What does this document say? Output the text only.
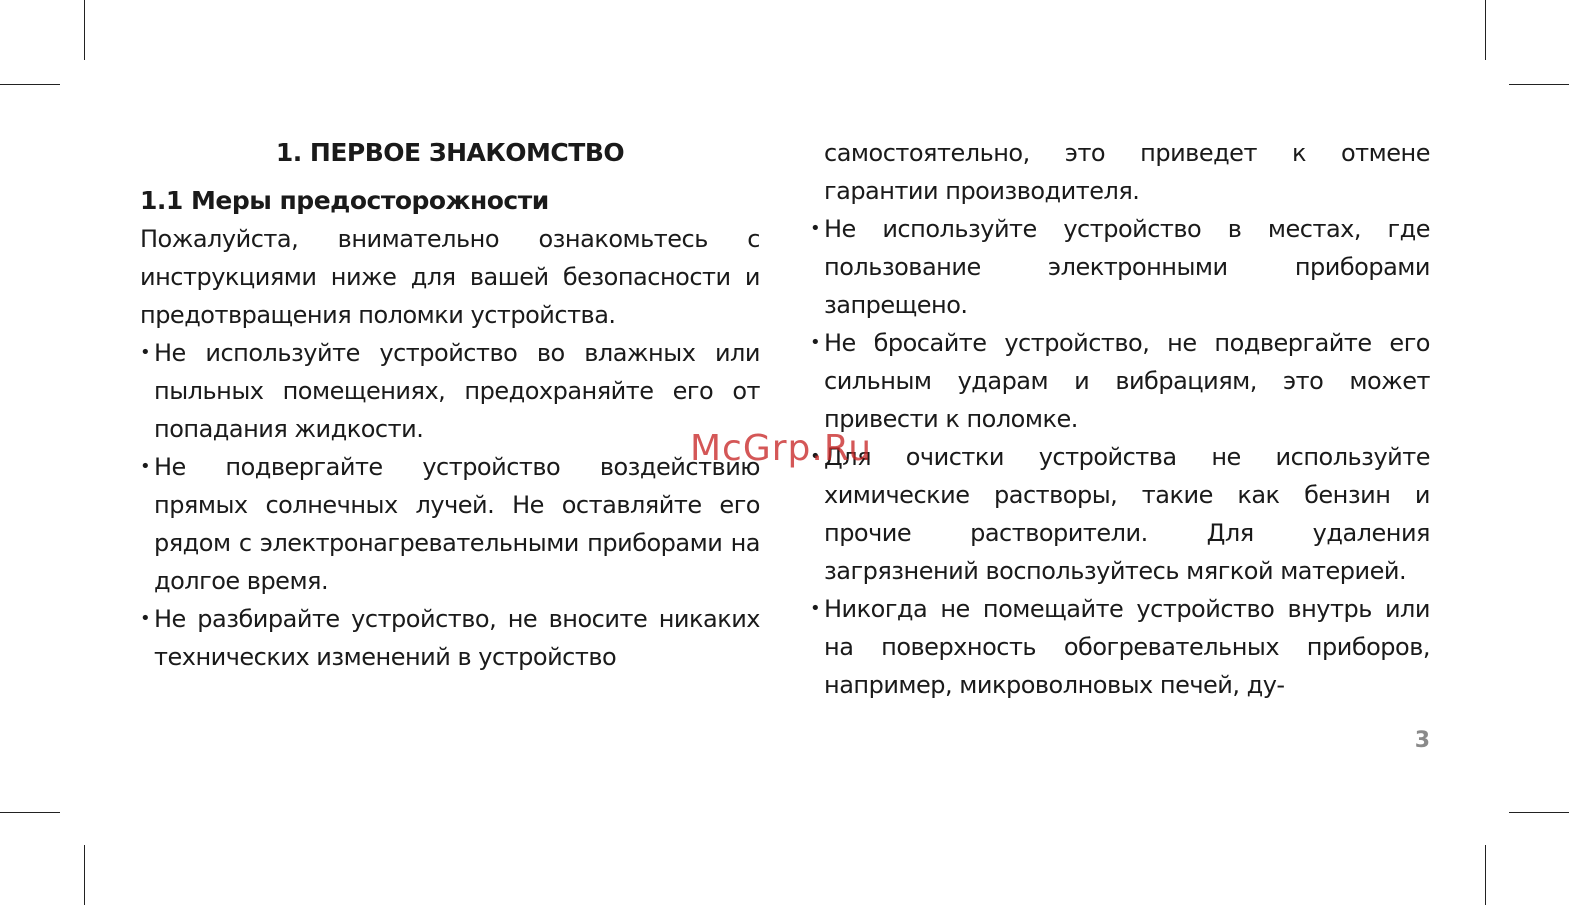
1. ПЕРВОЕ ЗНАКОМСТВО
1.1 Меры предосторожности

Пожалуйста, внимательно ознакомьтесь с инструкциями ниже для вашей безопасности и предотвращения поломки устройства.

• Не используйте устройство во влажных или пыльных помещениях, предохраняйте его от попадания жидкости.
• Не подвергайте устройство воздействию прямых солнечных лучей. Не оставляйте его рядом с электронагревательными приборами на долгое время.
• Не разбирайте устройство, не вносите никаких технических изменений в устройство

самостоятельно, это приведет к отмене гарантии производителя.

• Не используйте устройство в местах, где пользование электронными приборами запрещено.
• Не бросайте устройство, не подвергайте его сильным ударам и вибрациям, это может привести к поломке.
• Для очистки устройства не используйте химические растворы, такие как бензин и прочие растворители. Для удаления загрязнений воспользуйтесь мягкой материей.
• Никогда не помещайте устройство внутрь или на поверхность обогревательных приборов, например, микроволновых печей, ду-
3
McGrp.Ru
